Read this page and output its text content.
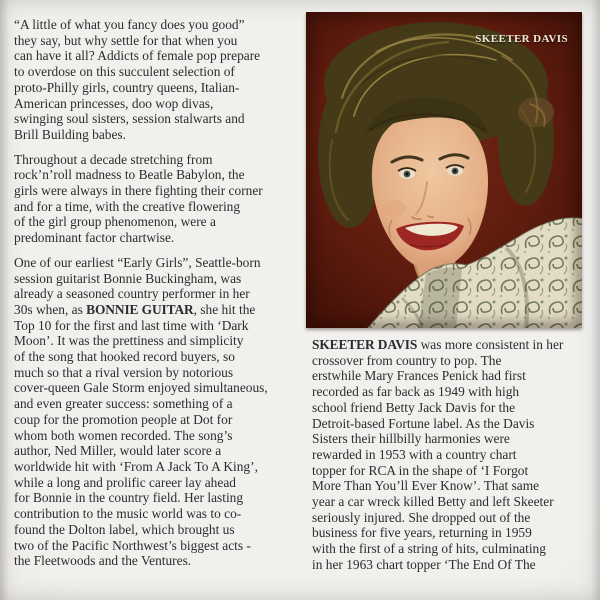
“A little of what you fancy does you good”
they say, but why settle for that when you
can have it all? Addicts of female pop prepare
to overdose on this succulent selection of
proto-Philly girls, country queens, Italian-
American princesses, doo wop divas,
swinging soul sisters, session stalwarts and
Brill Building babes.
Throughout a decade stretching from
rock’n’roll madness to Beatle Babylon, the
girls were always in there fighting their corner
and for a time, with the creative flowering
of the girl group phenomenon, were a
predominant factor chartwise.
One of our earliest “Early Girls”, Seattle-born
session guitarist Bonnie Buckingham, was
already a seasoned country performer in her
30s when, as BONNIE GUITAR, she hit the
Top 10 for the first and last time with ‘Dark
Moon’. It was the prettiness and simplicity
of the song that hooked record buyers, so
much so that a rival version by notorious
cover-queen Gale Storm enjoyed simultaneous,
and even greater success: something of a
coup for the promotion people at Dot for
whom both women recorded. The song’s
author, Ned Miller, would later score a
worldwide hit with ‘From A Jack To A King’,
while a long and prolific career lay ahead
for Bonnie in the country field. Her lasting
contribution to the music world was to co-
found the Dolton label, which brought us
two of the Pacific Northwest’s biggest acts -
the Fleetwoods and the Ventures.
SKEETER DAVIS
SKEETER DAVIS was more consistent in her
crossover from country to pop. The
erstwhile Mary Frances Penick had first
recorded as far back as 1949 with high
school friend Betty Jack Davis for the
Detroit-based Fortune label. As the Davis
Sisters their hillbilly harmonies were
rewarded in 1953 with a country chart
topper for RCA in the shape of ‘I Forgot
More Than You’ll Ever Know’. That same
year a car wreck killed Betty and left Skeeter
seriously injured. She dropped out of the
business for five years, returning in 1959
with the first of a string of hits, culminating
in her 1963 chart topper ‘The End Of The
